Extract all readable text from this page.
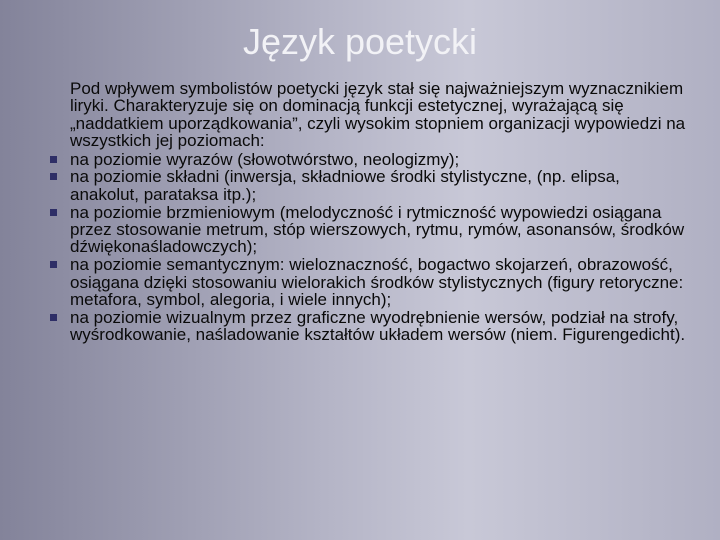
Język poetycki

Pod wpływem symbolistów poetycki język stał się najważniejszym wyznacznikiem liryki. Charakteryzuje się on dominacją funkcji estetycznej, wyrażającą się „naddatkiem uporządkowania”, czyli wysokim stopniem organizacji wypowiedzi na wszystkich jej poziomach:

na poziomie wyrazów (słowotwórstwo, neologizmy);
na poziomie składni (inwersja, składniowe środki stylistyczne, (np. elipsa, anakolut, parataksa itp.);
na poziomie brzmieniowym (melodyczność i rytmiczność wypowiedzi osiągana przez stosowanie metrum, stóp wierszowych, rytmu, rymów, asonansów, środków dźwiękonaśladowczych);
na poziomie semantycznym: wieloznaczność, bogactwo skojarzeń, obrazowość, osiągana dzięki stosowaniu wielorakich środków stylistycznych (figury retoryczne: metafora, symbol, alegoria, i wiele innych);
na poziomie wizualnym przez graficzne wyodrębnienie wersów, podział na strofy, wyśrodkowanie, naśladowanie kształtów układem wersów (niem. Figurengedicht).
